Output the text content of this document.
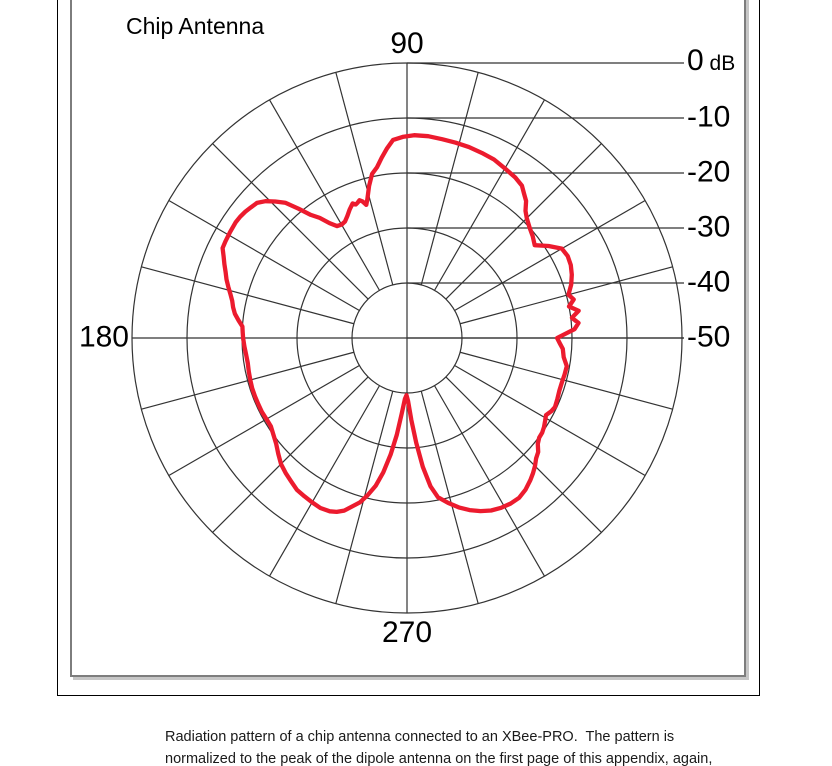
Chip Antenna
90
180
270
0 dB
-10
-20
-30
-40
-50
Radiation pattern of a chip antenna connected to an XBee-PRO.  The pattern is
normalized to the peak of the dipole antenna on the first page of this appendix, again,
